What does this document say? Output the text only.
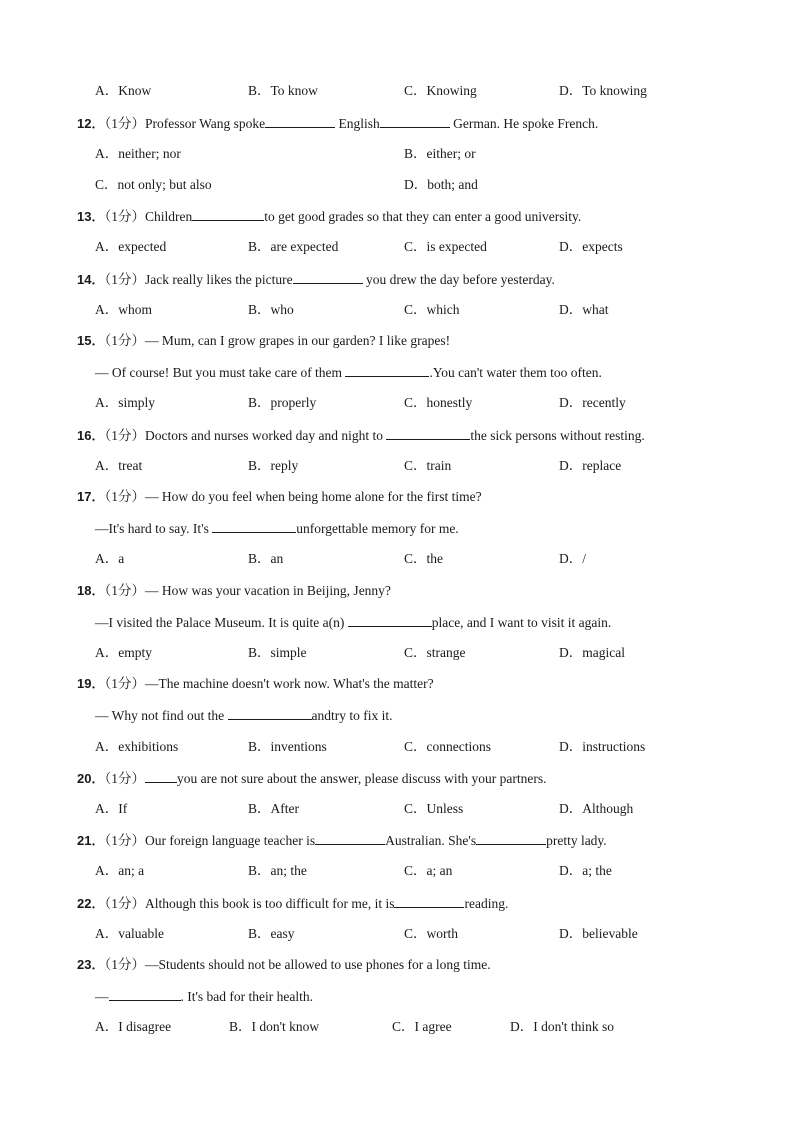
A．Know	B．To know	C．Knowing	D．To knowing
12．（1分）Professor Wang spoke	English	German. He spoke French.
A．neither; nor	B．either; or
C．not only; but also	D．both; and
13．（1分）Children	to get good grades so that they can enter a good university.
A．expected	B．are expected	C．is expected	D．expects
14．（1分）Jack really likes the picture	you drew the day before yesterday.
A．whom	B．who	C．which	D．what
15．（1分）— Mum, can I grow grapes in our garden? I like grapes!
— Of course! But you must take care of them	.You can't water them too often.
A．simply	B．properly	C．honestly	D．recently
16．（1分）Doctors and nurses worked day and night to	the sick persons without resting.
A．treat	B．reply	C．train	D．replace
17．（1分）— How do you feel when being home alone for the first time?
—It's hard to say. It's	unforgettable memory for me.
A．a	B．an	C．the	D．/
18．（1分）— How was your vacation in Beijing, Jenny?
—I visited the Palace Museum. It is quite a(n)	place, and I want to visit it again.
A．empty	B．simple	C．strange	D．magical
19．（1分）—The machine doesn't work now. What's the matter?
— Why not find out the	andtry to fix it.
A．exhibitions	B．inventions	C．connections	D．instructions
20．（1分） you are not sure about the answer, please discuss with your partners.
A．If	B．After	C．Unless	D．Although
21．（1分）Our foreign language teacher is	Australian. She's	pretty lady.
A．an; a	B．an; the	C．a; an	D．a; the
22．（1分）Although this book is too difficult for me, it is	reading.
A．valuable	B．easy	C．worth	D．believable
23．（1分）—Students should not be allowed to use phones for a long time.
—	. It's bad for their health.
A．I disagree	B．I don't know	C．I agree	D．I don't think so
